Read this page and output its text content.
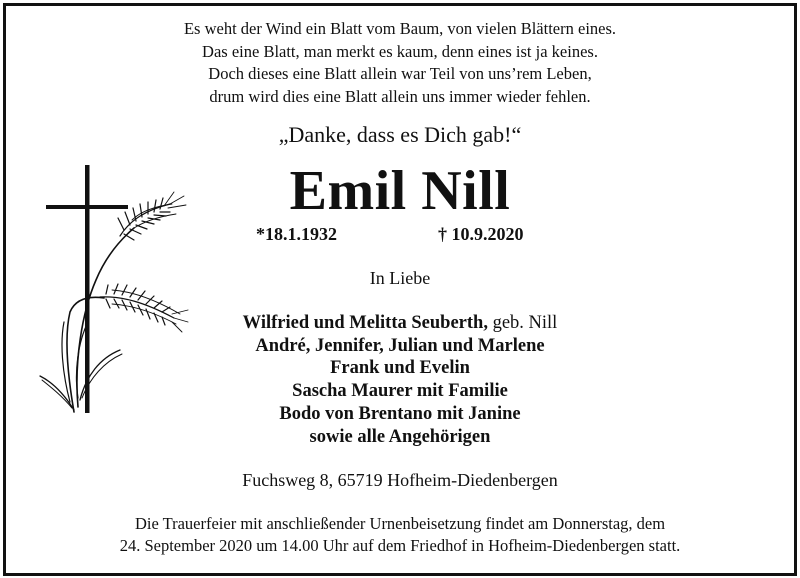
Es weht der Wind ein Blatt vom Baum, von vielen Blättern eines.
Das eine Blatt, man merkt es kaum, denn eines ist ja keines.
Doch dieses eine Blatt allein war Teil von uns’rem Leben,
drum wird dies eine Blatt allein uns immer wieder fehlen.
„Danke, dass es Dich gab!“
Emil Nill
*18.1.1932	† 10.9.2020
In Liebe
Wilfried und Melitta Seuberth, geb. Nill
André, Jennifer, Julian und Marlene
Frank und Evelin
Sascha Maurer mit Familie
Bodo von Brentano mit Janine
sowie alle Angehörigen
Fuchsweg 8, 65719 Hofheim-Diedenbergen
Die Trauerfeier mit anschließender Urnenbeisetzung findet am Donnerstag, dem
24. September 2020 um 14.00 Uhr auf dem Friedhof in Hofheim-Diedenbergen statt.
